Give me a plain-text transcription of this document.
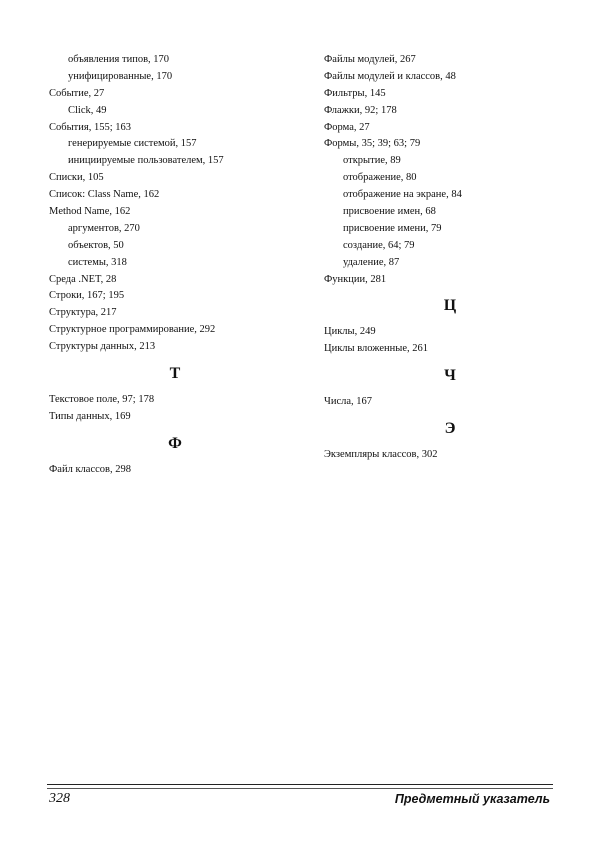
объявления типов, 170
унифицированные, 170
Событие, 27
Click, 49
События, 155; 163
генерируемые системой, 157
инициируемые пользователем, 157
Списки, 105
Список: Class Name, 162
Method Name, 162
аргументов, 270
объектов, 50
системы, 318
Среда .NET, 28
Строки, 167; 195
Структура, 217
Структурное программирование, 292
Структуры данных, 213
Т
Текстовое поле, 97; 178
Типы данных, 169
Ф
Файл классов, 298
Файлы модулей, 267
Файлы модулей и классов, 48
Фильтры, 145
Флажки, 92; 178
Форма, 27
Формы, 35; 39; 63; 79
открытие, 89
отображение, 80
отображение на экране, 84
присвоение имен, 68
присвоение имени, 79
создание, 64; 79
удаление, 87
Функции, 281
Ц
Циклы, 249
Циклы вложенные, 261
Ч
Числа, 167
Э
Экземпляры классов, 302
328	Предметный указатель
